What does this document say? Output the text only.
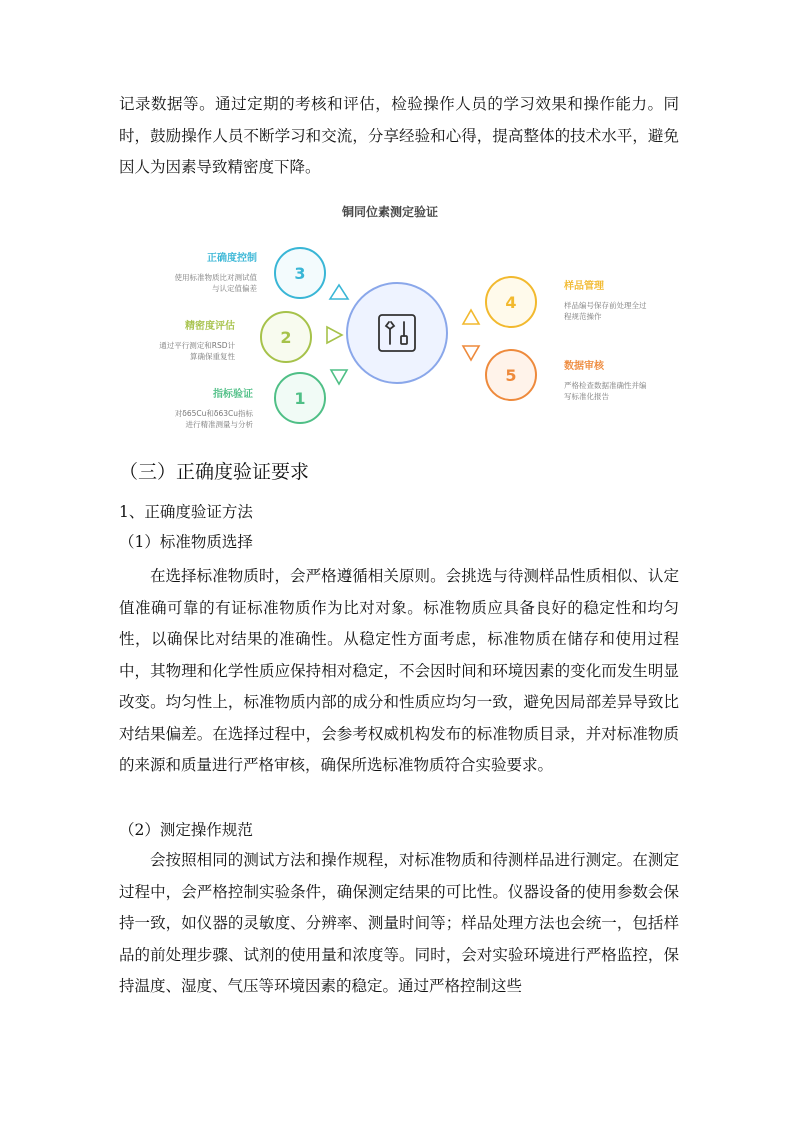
记录数据等。通过定期的考核和评估，检验操作人员的学习效果和操作能力。同时，鼓励操作人员不断学习和交流，分享经验和心得，提高整体的技术水平，避免因人为因素导致精密度下降。

铜同位素测定验证
3
正确度控制
使用标准物质比对测试值
与认定值偏差
2
精密度评估
通过平行测定和RSD计
算确保重复性
1
指标验证
对δ65Cu和δ63Cu指标
进行精准测量与分析
4
样品管理
样品编号保存前处理全过
程规范操作
5	数据审核
严格检查数据准确性并编
写标准化报告

（三）正确度验证要求

1、正确度验证方法

（1）标准物质选择

在选择标准物质时，会严格遵循相关原则。会挑选与待测样品性质相似、认定值准确可靠的有证标准物质作为比对对象。标准物质应具备良好的稳定性和均匀性，以确保比对结果的准确性。从稳定性方面考虑，标准物质在储存和使用过程中，其物理和化学性质应保持相对稳定，不会因时间和环境因素的变化而发生明显改变。均匀性上，标准物质内部的成分和性质应均匀一致，避免因局部差异导致比对结果偏差。在选择过程中，会参考权威机构发布的标准物质目录，并对标准物质的来源和质量进行严格审核，确保所选标准物质符合实验要求。

（2）测定操作规范

会按照相同的测试方法和操作规程，对标准物质和待测样品进行测定。在测定过程中，会严格控制实验条件，确保测定结果的可比性。仪器设备的使用参数会保持一致，如仪器的灵敏度、分辨率、测量时间等；样品处理方法也会统一，包括样品的前处理步骤、试剂的使用量和浓度等。同时，会对实验环境进行严格监控，保持温度、湿度、气压等环境因素的稳定。通过严格控制这些
